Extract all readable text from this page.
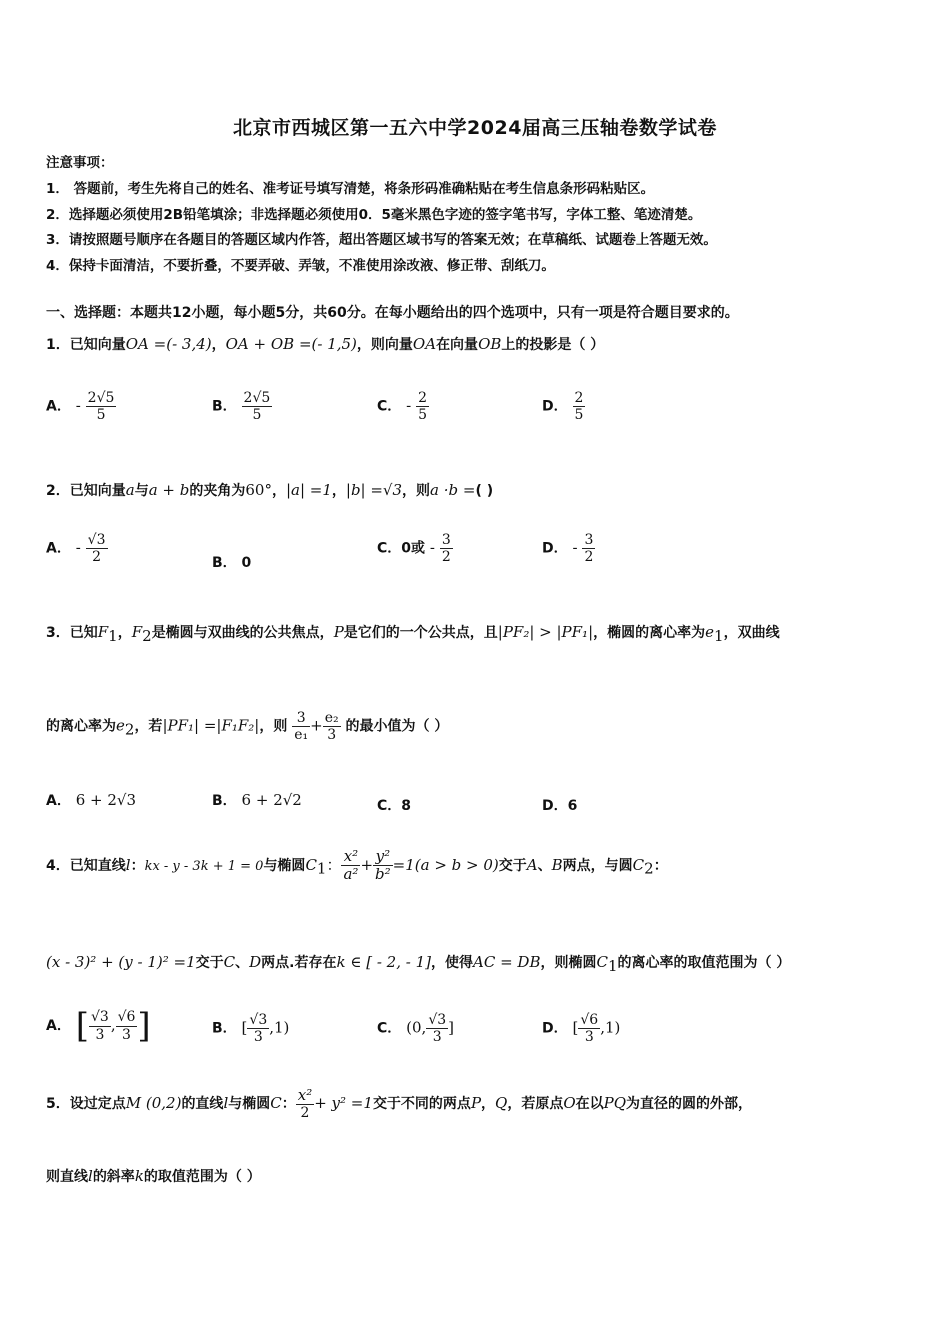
北京市西城区第一五六中学2024届高三压轴卷数学试卷
注意事项：
1． 答题前，考生先将自己的姓名、准考证号填写清楚，将条形码准确粘贴在考生信息条形码粘贴区。
2．选择题必须使用2B铅笔填涂；非选择题必须使用0．5毫米黑色字迹的签字笔书写，字体工整、笔迹清楚。
3．请按照题号顺序在各题目的答题区域内作答，超出答题区域书写的答案无效；在草稿纸、试题卷上答题无效。
4．保持卡面清洁，不要折叠，不要弄破、弄皱，不准使用涂改液、修正带、刮纸刀。
一、选择题：本题共12小题，每小题5分，共60分。在每小题给出的四个选项中，只有一项是符合题目要求的。
1．已知向量OA =(- 3,4)，OA + OB =(- 1,5)，则向量OA在向量OB上的投影是（ ）
A． - $\frac{2√5}{5}$	B． $\frac{2√5}{5}$	C． - $\frac{2}{5}$	D． $\frac{2}{5}$
2．已知向量a与a + b的夹角为60°，|a| =1，|b| =√3，则a ·b =( )
A． - $\frac{√3}{2}$	B． 0
C．0或 - $\frac{3}{2}$	D． - $\frac{3}{2}$
3．已知$F_1$，$F_2$是椭圆与双曲线的公共焦点，P是它们的一个公共点，且|PF₂| > |PF₁|，椭圆的离心率为$e_1$，双曲线
的离心率为$e_2$，若|PF₁| =|F₁F₂|，则 $\frac{3}{\text{e₁}} + \frac{\text{e₂}}{3}$ 的最小值为（ ）
A． 6 + 2√3	B． 6 + 2√2	C．8	D．6
4．已知直线l：kx - y - 3k + 1 = 0与椭圆$C_1$： $\frac{\text{x²}}{\text{a²}} + \frac{\text{y²}}{\text{b²}} =1(a > b > 0)$交于A、B两点，与圆$C_2$：
(x - 3)² + (y - 1)² =1交于C、D两点.若存在k ∈ [ - 2, - 1]，使得AC = DB，则椭圆$C_1$的离心率的取值范围为（ ）
A． [ $\frac{√3}{3}$ , $\frac{√6}{3}$ ]	B． [ $\frac{√3}{3} ,1$)	C． (0, $\frac{√3}{3}$ ]	D． [ $\frac{√6}{3} ,1$)
5．设过定点M (0,2)的直线l与椭圆C： $\frac{\text{x²}}{2} + y^2 =1$交于不同的两点P，Q，若原点O在以PQ为直径的圆的外部，
则直线l的斜率k的取值范围为（ ）
